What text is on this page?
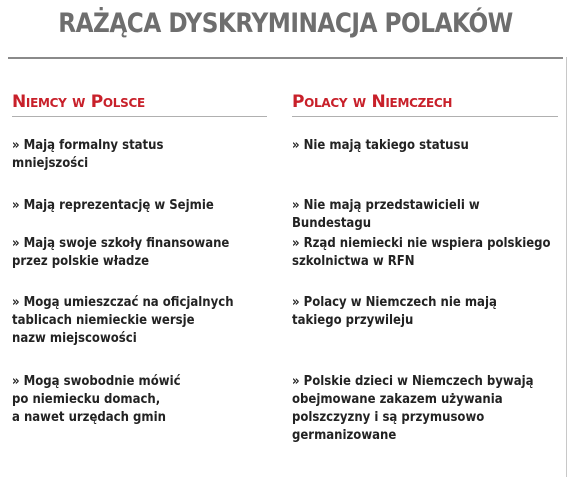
RAŻĄCA DYSKRYMINACJA POLAKÓW
Niemcy w Polsce
» Mają formalny status
mniejszości
» Mają reprezentację w Sejmie
» Mają swoje szkoły finansowane
przez polskie władze
» Mogą umieszczać na oficjalnych
tablicach niemieckie wersje
nazw miejscowości
» Mogą swobodnie mówić
po niemiecku domach,
a nawet urzędach gmin
Polacy w Niemczech
» Nie mają takiego statusu
» Nie mają przedstawicieli w Bundestagu
» Rząd niemiecki nie wspiera polskiego
szkolnictwa w RFN
» Polacy w Niemczech nie mają
takiego przywileju
» Polskie dzieci w Niemczech bywają
obejmowane zakazem używania
polszczyzny i są przymusowo
germanizowane
